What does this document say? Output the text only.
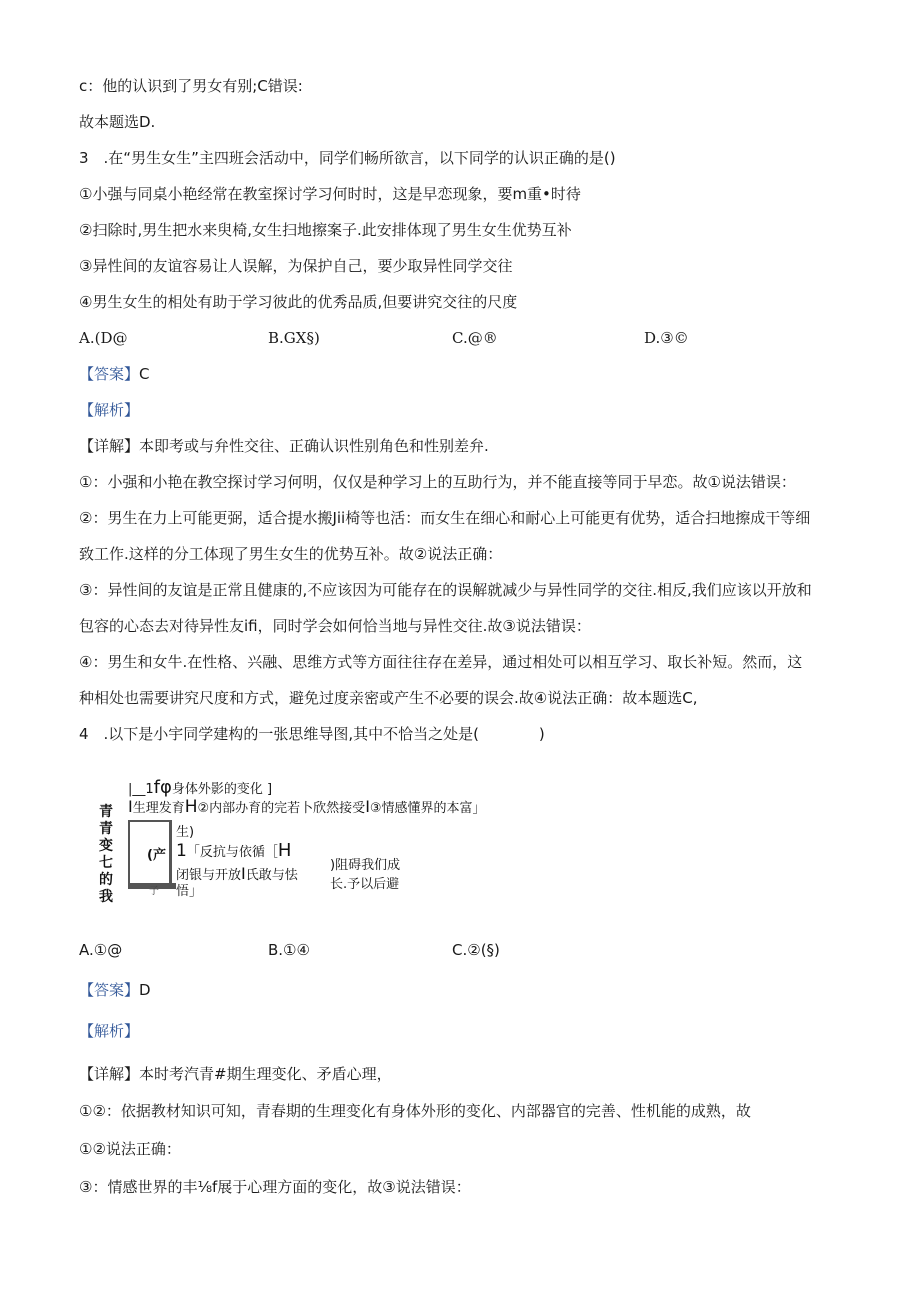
c：他的认识到了男女有别;C错误:
故本题选D.
3　.在“男生女生”主四班会活动中，同学们畅所欲言，以下同学的认识正确的是()
①小强与同桌小艳经常在教室探讨学习何时时，这是早恋现象，要m重•时待
②扫除时,男生把水来臾椅,女生扫地擦案子.此安排体现了男生女生优势互补
③异性间的友谊容易让人误解，为保护自己，要少取异性同学交往
④男生女生的相处有助于学习彼此的优秀品质,但要讲究交往的尺度
A.(D@	B.GX§)	C.@®	D.③©
【答案】C
【解析】
【详解】本即考或与弁性交往、正确认识性别角色和性别差弁.
①：小强和小艳在教空探讨学习何明，仅仅是种学习上的互助行为，并不能直接等同于早恋。故①说法错误：
②：男生在力上可能更弼，适合提水搬Jii椅等也活：而女生在细心和耐心上可能更有优势，适合扫地擦成干等细
致工作.这样的分工体现了男生女生的优势互补。故②说法正确：
③：异性间的友谊是正常且健康的,不应该因为可能存在的误解就减少与异性同学的交往.相反,我们应该以开放和
包容的心态去对待异性友ifi，同时学会如何恰当地与异性交往.故③说法错误：
④：男生和女牛.在性格、兴融、思维方式等方面往往存在差异，通过相处可以相互学习、取长补短。然而，这
种相处也需要讲究尺度和方式，避免过度亲密或产生不必要的误会.故④说法正确：故本题选C,
4　.以下是小宇同学建构的一张思维导图,其中不恰当之处是(　　　　)
青青变七的我
|__1fφ身体外影的变化 ]
I生理发育H②内部办育的完若卜欣然接受I③情感懂界的本富」
子
生)
(产 1「反抗与依循［H
)阻碍我们成
闭银与开放I氏敢与怯
长.予以后避
悟」
A.①@	B.①④	C.②(§)
【答案】D
【解析】
【详解】本时考汽青#期生理变化、矛盾心理，
①②：依据教材知识可知，青春期的生理变化有身体外形的变化、内部器官的完善、性机能的成熟，故
①②说法正确：
③：情感世界的丰⅛f展于心理方面的变化，故③说法错误：
